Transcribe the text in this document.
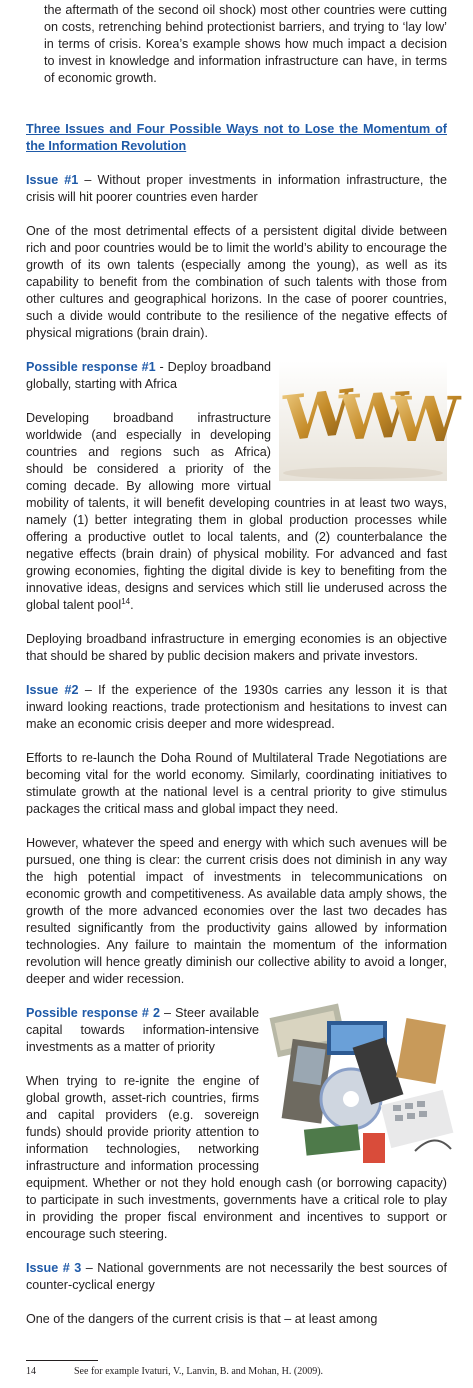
the aftermath of the second oil shock) most other countries were cutting on costs, retrenching behind protectionist barriers, and trying to ‘lay low’ in terms of crisis. Korea’s example shows how much impact a decision to invest in knowledge and information infrastructure can have, in terms of economic growth.

Three Issues and Four Possible Ways not to Lose the Momentum of the Information Revolution

Issue #1 – Without proper investments in information infrastructure, the crisis will hit poorer countries even harder

One of the most detrimental effects of a persistent digital divide between rich and poor countries would be to limit the world’s ability to encourage the growth of its own talents (especially among the young), as well as its capability to benefit from the combination of such talents with those from other cultures and geographical horizons. In the case of poorer countries, such a divide would contribute to the resilience of the negative effects of physical migrations (brain drain).

W
W
W

Possible response #1 - Deploy broadband globally, starting with Africa

Developing broadband infrastructure worldwide (and especially in developing countries and regions such as Africa) should be considered a priority of the coming decade. By allowing more virtual mobility of talents, it will benefit developing countries in at least two ways, namely (1) better integrating them in global production processes while offering a productive outlet to local talents, and (2) counterbalance the negative effects (brain drain) of physical mobility. For advanced and fast growing economies, fighting the digital divide is key to benefiting from the innovative ideas, designs and services which still lie underused across the global talent pool$^{14}$.

Deploying broadband infrastructure in emerging economies is an objective that should be shared by public decision makers and private investors.

Issue #2 – If the experience of the 1930s carries any lesson it is that inward looking reactions, trade protectionism and hesitations to invest can make an economic crisis deeper and more widespread.

Efforts to re-launch the Doha Round of Multilateral Trade Negotiations are becoming vital for the world economy. Similarly, coordinating initiatives to stimulate growth at the national level is a central priority to give stimulus packages the critical mass and global impact they need.

However, whatever the speed and energy with which such avenues will be pursued, one thing is clear: the current crisis does not diminish in any way the high potential impact of investments in telecommunications on economic growth and competitiveness. As available data amply shows, the growth of the more advanced economies over the last two decades has resulted significantly from the productivity gains allowed by information technologies. Any failure to maintain the momentum of the information revolution will hence greatly diminish our collective ability to avoid a longer, deeper and wider recession.

Possible response # 2 – Steer available capital towards information-intensive investments as a matter of priority

When trying to re-ignite the engine of global growth, asset-rich countries, firms and capital providers (e.g. sovereign funds) should provide priority attention to information technologies, networking infrastructure and information processing equipment. Whether or not they hold enough cash (or borrowing capacity) to participate in such investments, governments have a critical role to play in providing the proper fiscal environment and incentives to support or encourage such steering.

Issue # 3 – National governments are not necessarily the best sources of counter-cyclical energy

One of the dangers of the current crisis is that – at least among

14	See for example Ivaturi, V., Lanvin, B. and Mohan, H. (2009).
